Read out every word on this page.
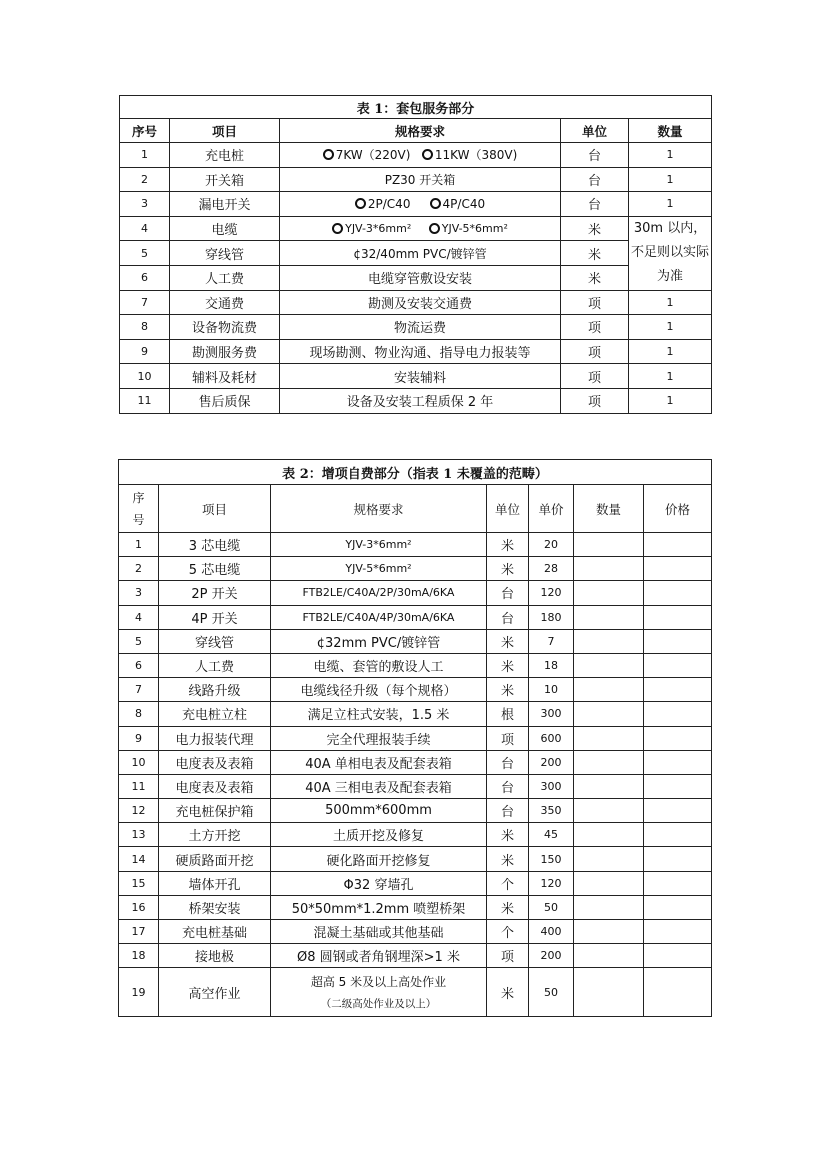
表 1：套包服务部分				
序号	项目	规格要求	单位	数量
1	充电桩	7KW（220V) 11KW（380V)	台	1
2	开关箱	PZ30 开关箱	台	1
3	漏电开关	2P/C40 4P/C40	台	1
4	电缆	YJV-3*6mm² YJV-5*6mm²	米	30m 以内，不足则以实际为准
5	穿线管	¢32/40mm PVC/镀锌管	米	
6	人工费	电缆穿管敷设安装	米	
7	交通费	勘测及安装交通费	项	1
8	设备物流费	物流运费	项	1
9	勘测服务费	现场勘测、物业沟通、指导电力报装等	项	1
10	辅料及耗材	安装辅料	项	1
11	售后质保	设备及安装工程质保 2 年	项	1
表 2：增项自费部分（指表 1 未覆盖的范畴）						

序号	项目	规格要求	单位	单价	数量	价格
1	3 芯电缆	YJV-3*6mm²	米	20		
2	5 芯电缆	YJV-5*6mm²	米	28		
3	2P 开关	FTB2LE/C40A/2P/30mA/6KA	台	120		
4	4P 开关	FTB2LE/C40A/4P/30mA/6KA	台	180		
5	穿线管	¢32mm PVC/镀锌管	米	7		
6	人工费	电缆、套管的敷设人工	米	18		
7	线路升级	电缆线径升级（每个规格）	米	10		
8	充电桩立柱	满足立柱式安装，1.5 米	根	300		
9	电力报装代理	完全代理报装手续	项	600		
10	电度表及表箱	40A 单相电表及配套表箱	台	200		
11	电度表及表箱	40A 三相电表及配套表箱	台	300		
12	充电桩保护箱	500mm*600mm	台	350		
13	土方开挖	土质开挖及修复	米	45		
14	硬质路面开挖	硬化路面开挖修复	米	150		
15	墙体开孔	Φ32 穿墙孔	个	120		
16	桥架安装	50*50mm*1.2mm 喷塑桥架	米	50		
17	充电桩基础	混凝土基础或其他基础	个	400		
18	接地极	Ø8 圆钢或者角钢埋深>1 米	项	200		
19	高空作业	超高 5 米及以上高处作业
（二级高处作业及以上）	米	50		
